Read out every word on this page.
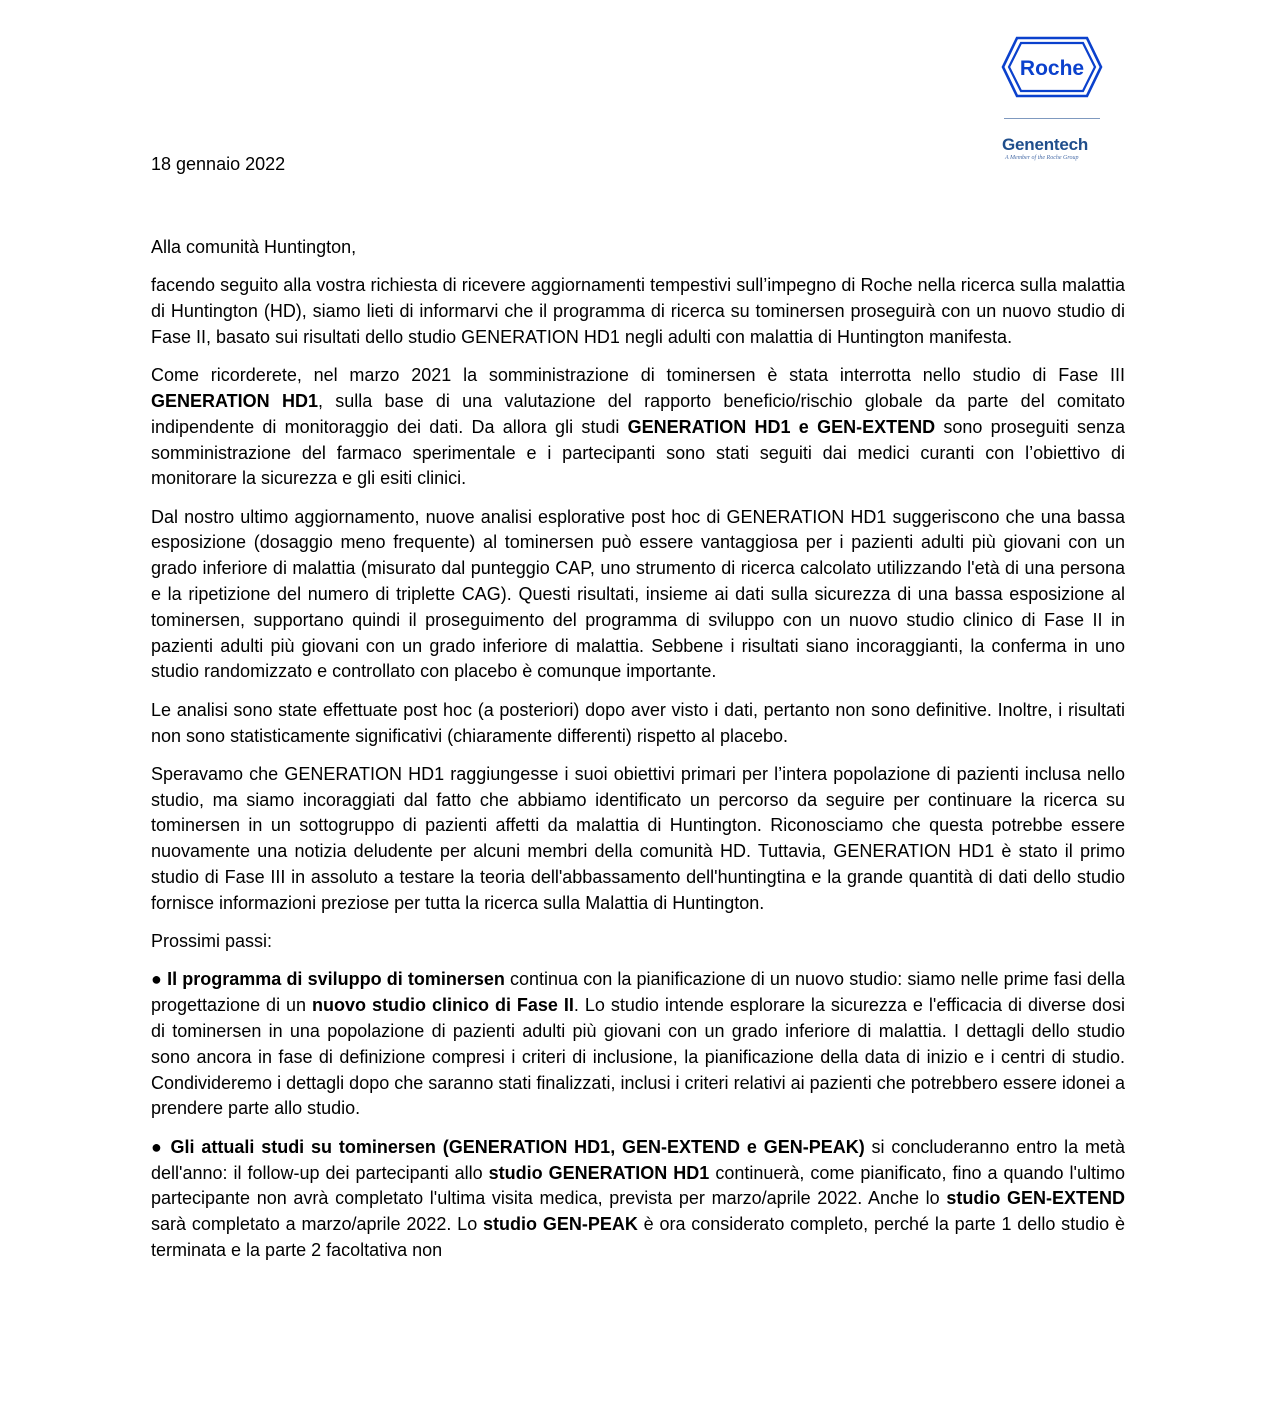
Roche
Genentech
A Member of the Roche Group
18 gennaio 2022

Alla comunità Huntington,

facendo seguito alla vostra richiesta di ricevere aggiornamenti tempestivi sull’impegno di Roche nella ricerca sulla malattia di Huntington (HD), siamo lieti di informarvi che il programma di ricerca su tominersen proseguirà con un nuovo studio di Fase II, basato sui risultati dello studio GENERATION HD1 negli adulti con malattia di Huntington manifesta.

Come ricorderete, nel marzo 2021 la somministrazione di tominersen è stata interrotta nello studio di Fase III GENERATION HD1, sulla base di una valutazione del rapporto beneficio/rischio globale da parte del comitato indipendente di monitoraggio dei dati. Da allora gli studi GENERATION HD1 e GEN-EXTEND sono proseguiti senza somministrazione del farmaco sperimentale e i partecipanti sono stati seguiti dai medici curanti con l’obiettivo di monitorare la sicurezza e gli esiti clinici.

Dal nostro ultimo aggiornamento, nuove analisi esplorative post hoc di GENERATION HD1 suggeriscono che una bassa esposizione (dosaggio meno frequente) al tominersen può essere vantaggiosa per i pazienti adulti più giovani con un grado inferiore di malattia (misurato dal punteggio CAP, uno strumento di ricerca calcolato utilizzando l'età di una persona e la ripetizione del numero di triplette CAG). Questi risultati, insieme ai dati sulla sicurezza di una bassa esposizione al tominersen, supportano quindi il proseguimento del programma di sviluppo con un nuovo studio clinico di Fase II in pazienti adulti più giovani con un grado inferiore di malattia. Sebbene i risultati siano incoraggianti, la conferma in uno studio randomizzato e controllato con placebo è comunque importante.

Le analisi sono state effettuate post hoc (a posteriori) dopo aver visto i dati, pertanto non sono definitive. Inoltre, i risultati non sono statisticamente significativi (chiaramente differenti) rispetto al placebo.

Speravamo che GENERATION HD1 raggiungesse i suoi obiettivi primari per l’intera popolazione di pazienti inclusa nello studio, ma siamo incoraggiati dal fatto che abbiamo identificato un percorso da seguire per continuare la ricerca su tominersen in un sottogruppo di pazienti affetti da malattia di Huntington. Riconosciamo che questa potrebbe essere nuovamente una notizia deludente per alcuni membri della comunità HD. Tuttavia, GENERATION HD1 è stato il primo studio di Fase III in assoluto a testare la teoria dell'abbassamento dell'huntingtina e la grande quantità di dati dello studio fornisce informazioni preziose per tutta la ricerca sulla Malattia di Huntington.

Prossimi passi:

● Il programma di sviluppo di tominersen continua con la pianificazione di un nuovo studio: siamo nelle prime fasi della progettazione di un nuovo studio clinico di Fase II. Lo studio intende esplorare la sicurezza e l'efficacia di diverse dosi di tominersen in una popolazione di pazienti adulti più giovani con un grado inferiore di malattia. I dettagli dello studio sono ancora in fase di definizione compresi i criteri di inclusione, la pianificazione della data di inizio e i centri di studio. Condivideremo i dettagli dopo che saranno stati finalizzati, inclusi i criteri relativi ai pazienti che potrebbero essere idonei a prendere parte allo studio.

● Gli attuali studi su tominersen (GENERATION HD1, GEN-EXTEND e GEN-PEAK) si concluderanno entro la metà dell'anno: il follow-up dei partecipanti allo studio GENERATION HD1 continuerà, come pianificato, fino a quando l'ultimo partecipante non avrà completato l'ultima visita medica, prevista per marzo/aprile 2022. Anche lo studio GEN-EXTEND sarà completato a marzo/aprile 2022. Lo studio GEN-PEAK è ora considerato completo, perché la parte 1 dello studio è terminata e la parte 2 facoltativa non
